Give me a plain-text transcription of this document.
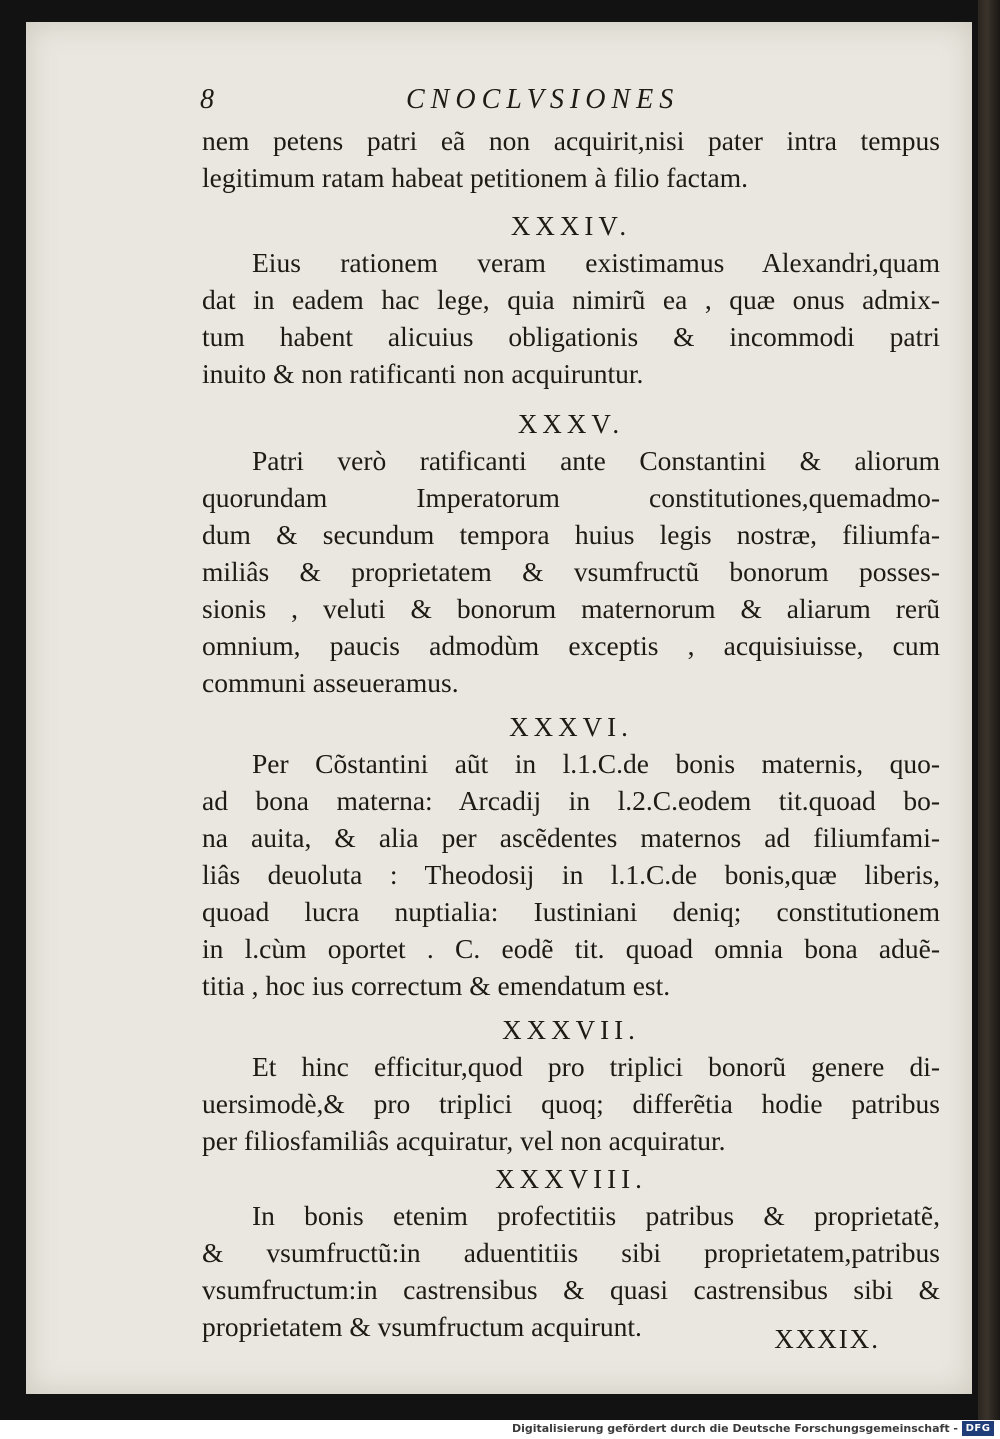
8	CNOCLVSIONES
nem petens patri eã non acquirit,nisi pater intra tempus
legitimum ratam habeat petitionem à filio factam.
XXXIV.
Eius rationem veram existimamus Alexandri,quam
dat in eadem hac lege, quia nimirũ ea , quæ onus admix-
tum habent alicuius obligationis & incommodi patri
inuito & non ratificanti non acquiruntur.
XXXV.
Patri verò ratificanti ante Constantini & aliorum
quorundam Imperatorum constitutiones,quemadmo-
dum & secundum tempora huius legis nostræ, filiumfa-
miliâs & proprietatem & vsumfructũ bonorum posses-
sionis , veluti & bonorum maternorum & aliarum rerũ
omnium, paucis admodùm exceptis , acquisiuisse, cum
communi asseueramus.
XXXVI.
Per Cõstantini aũt in l.1.C.de bonis maternis, quo-
ad bona materna: Arcadij in l.2.C.eodem tit.quoad bo-
na auita, & alia per ascẽdentes maternos ad filiumfami-
liâs deuoluta : Theodosij in l.1.C.de bonis,quæ liberis,
quoad lucra nuptialia: Iustiniani deniq; constitutionem
in l.cùm oportet . C. eodẽ tit. quoad omnia bona aduẽ-
titia , hoc ius correctum & emendatum est.
XXXVII.
Et hinc efficitur,quod pro triplici bonorũ genere di-
uersimodè,& pro triplici quoq; differẽtia hodie patribus
per filiosfamiliâs acquiratur, vel non acquiratur.
XXXVIII.
In bonis etenim profectitiis patribus & proprietatẽ,
& vsumfructũ:in aduentitiis sibi proprietatem,patribus
vsumfructum:in castrensibus & quasi castrensibus sibi &
proprietatem & vsumfructum acquirunt.	XXXIX.
Digitalisierung gefördert durch die Deutsche Forschungsgemeinschaft - DFG
